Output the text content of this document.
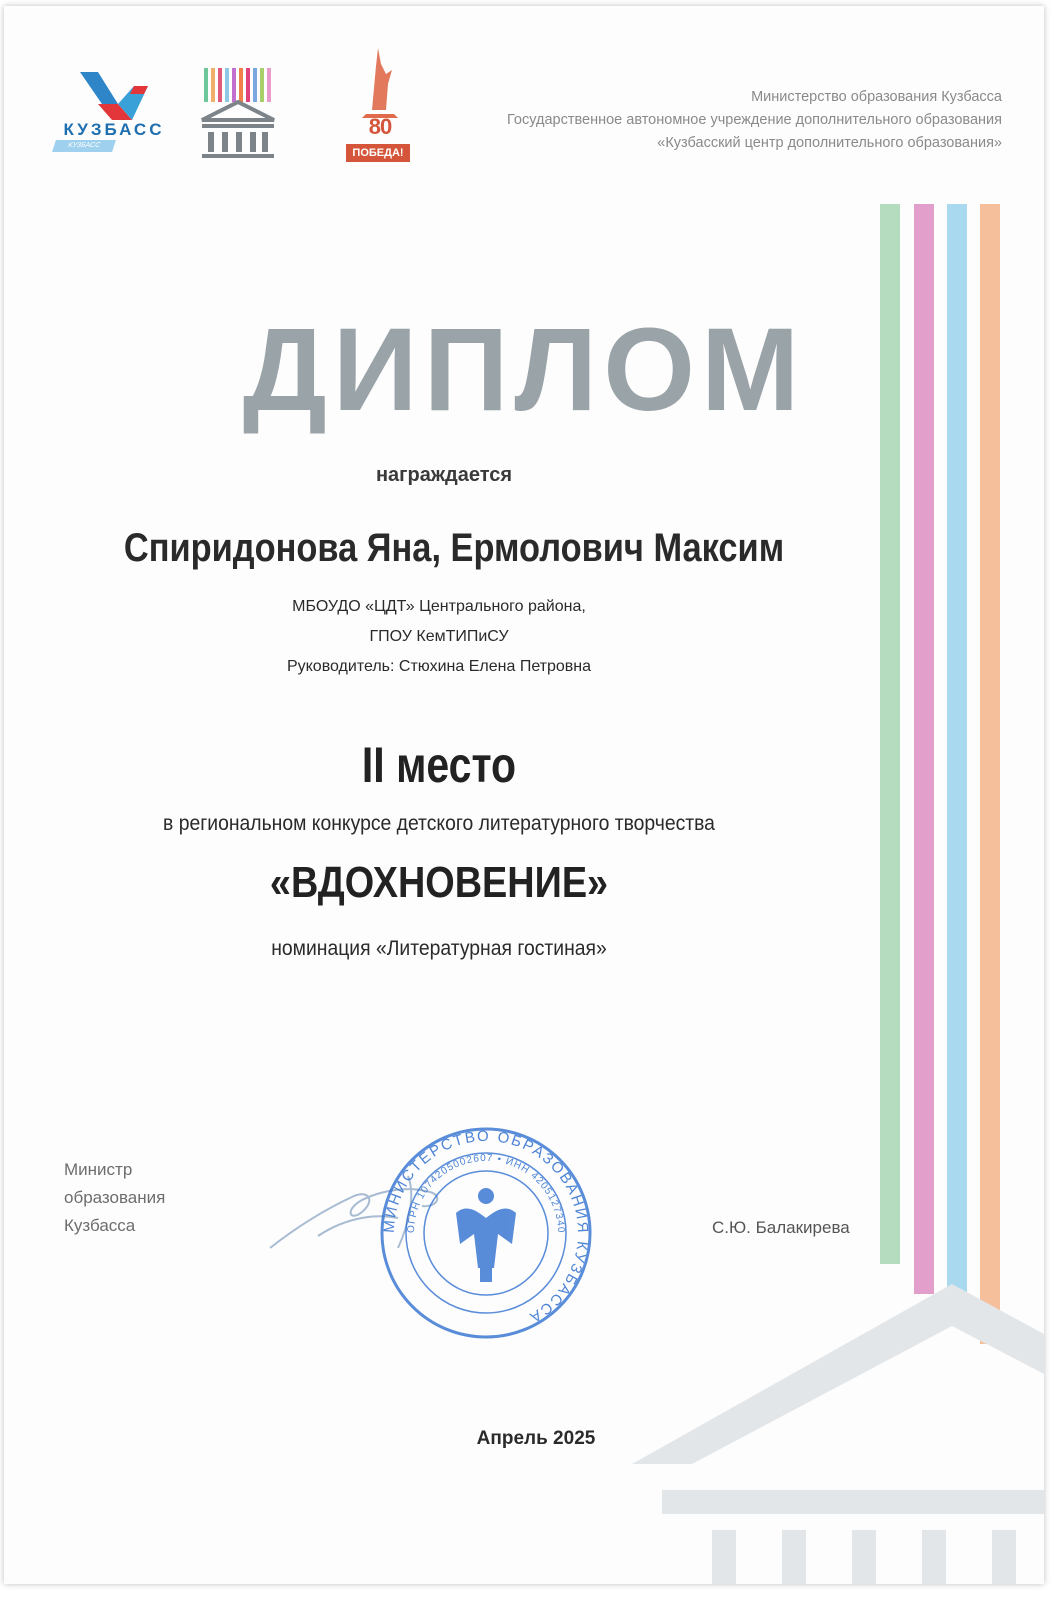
КУЗБАСС
КУЗБАСС
80
ПОБЕДА!
Министерство образования Кузбасса
Государственное автономное учреждение дополнительного образования
«Кузбасский центр дополнительного образования»
ДИПЛОМ
награждается
Спиридонова Яна, Ермолович Максим
МБОУДО «ЦДТ» Центрального района,
ГПОУ КемТИПиСУ
Руководитель: Стюхина Елена Петровна
II место
в региональном конкурсе детского литературного творчества
«ВДОХНОВЕНИЕ»
номинация «Литературная гостиная»
Министр
образования
Кузбасса	МИНИСТЕРСТВО ОБРАЗОВАНИЯ КУЗБАССА
ОГРН 1074205002607 • ИНН 4205127340	С.Ю. Балакирева
Апрель 2025
